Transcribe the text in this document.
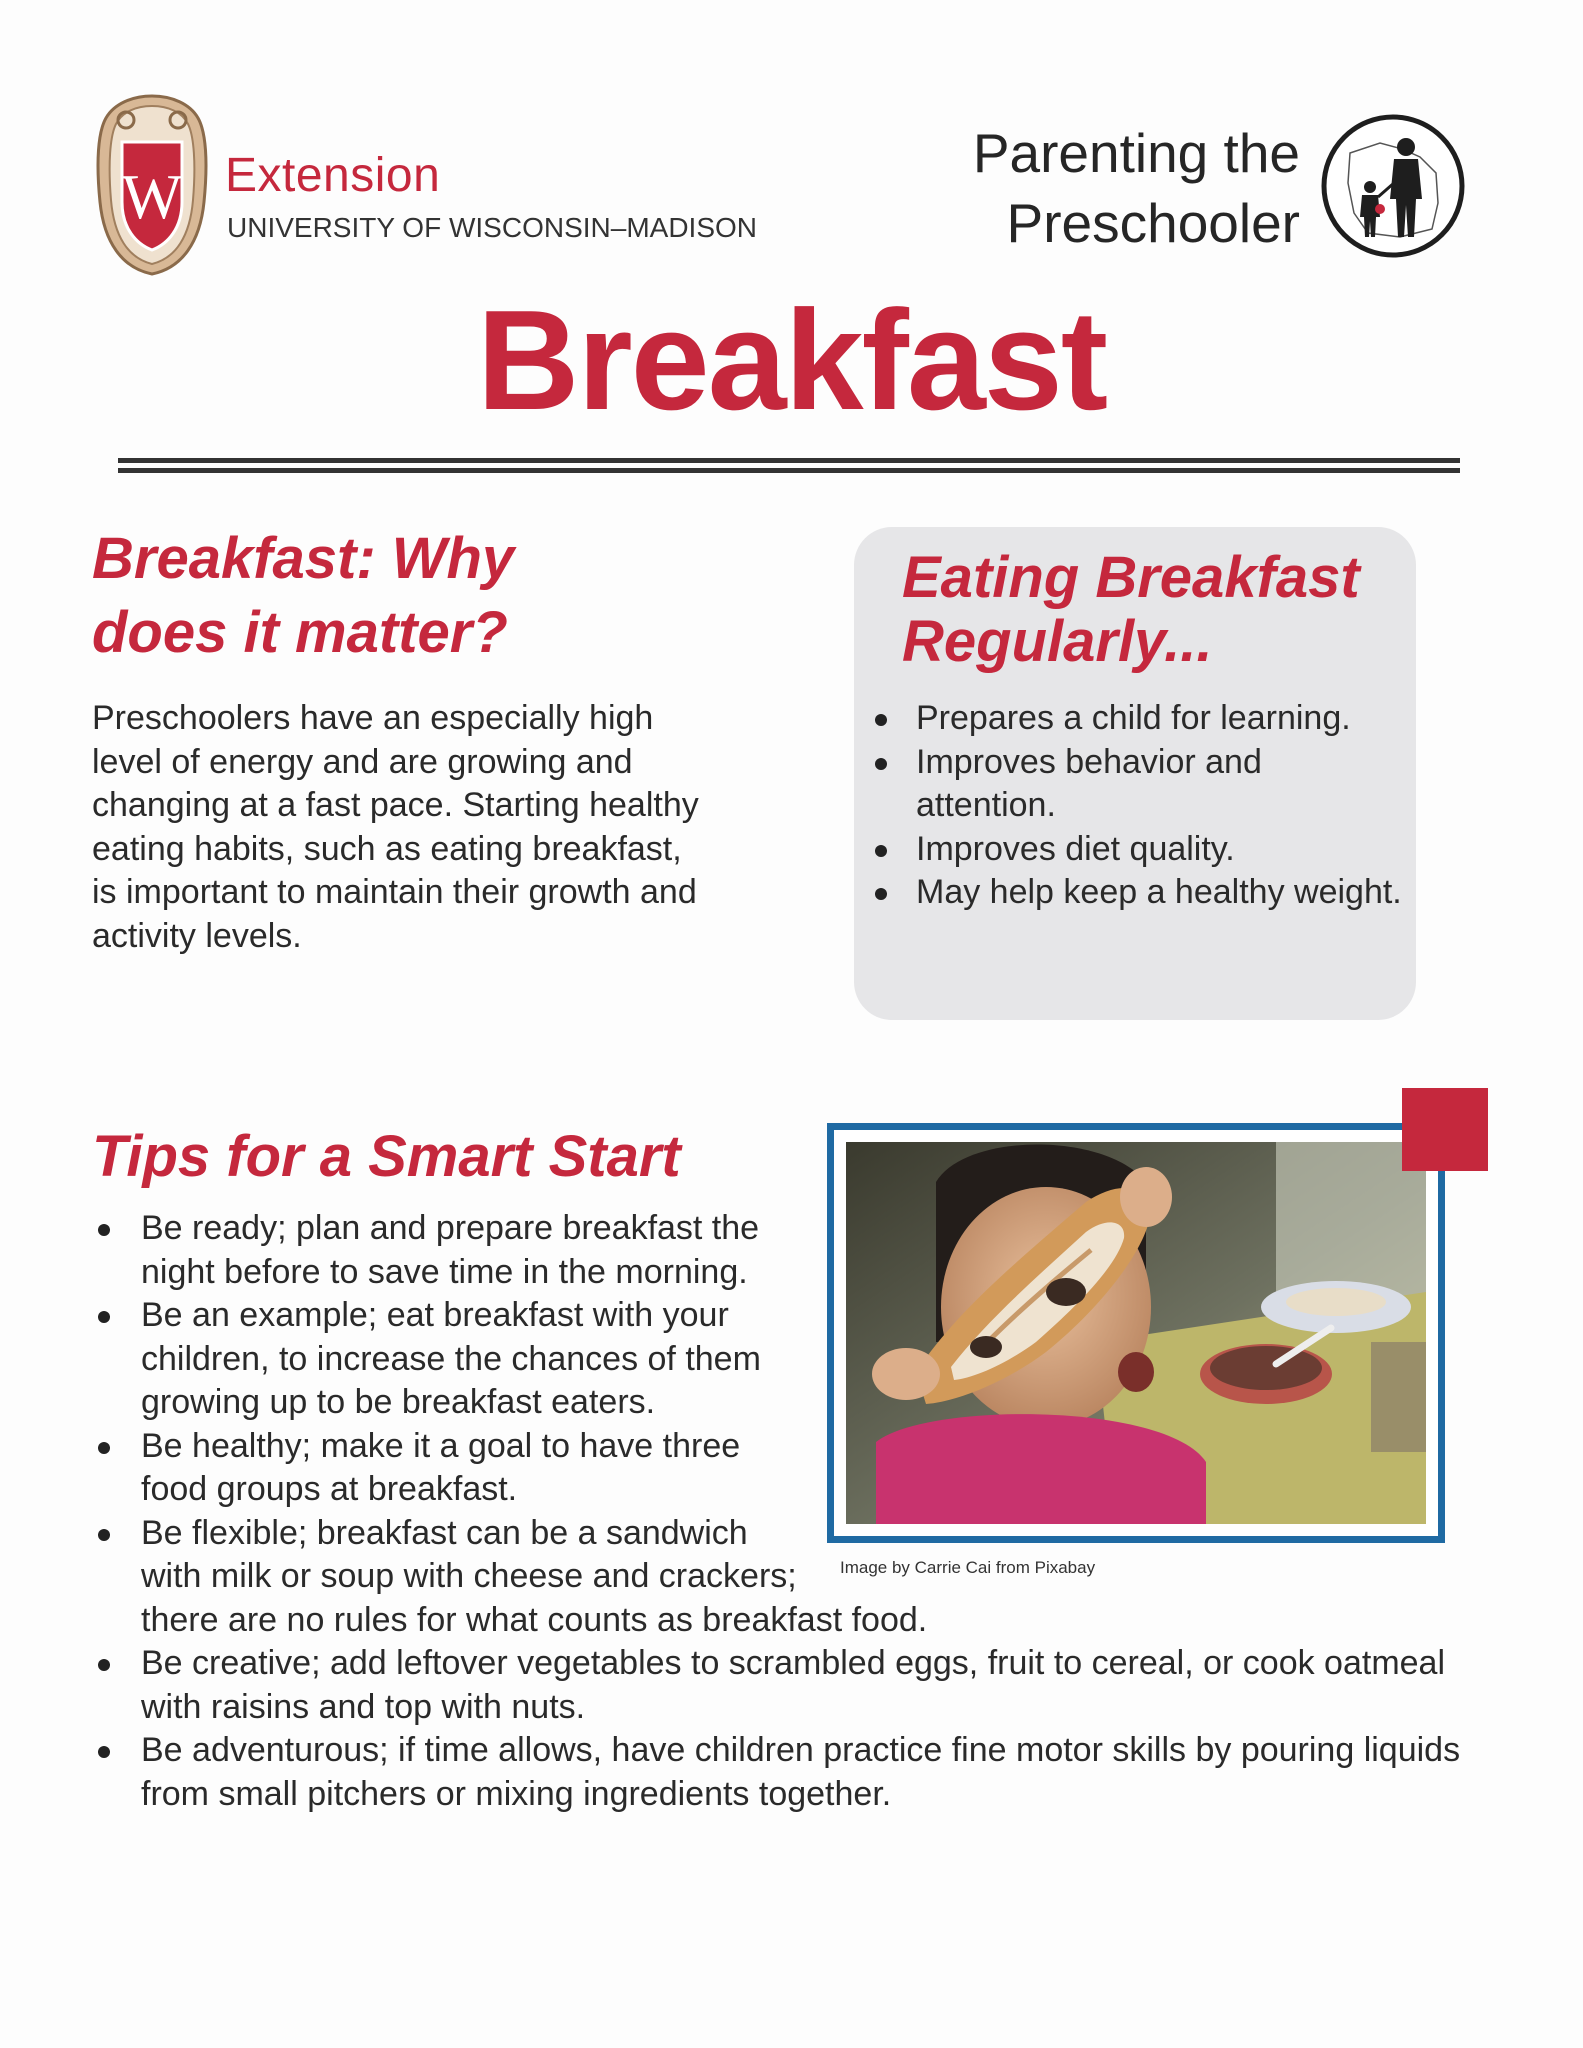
W Extension
UNIVERSITY OF WISCONSIN–MADISON
Parenting the
Preschooler
Breakfast
Breakfast: Why does it matter?
Preschoolers have an especially high level of energy and are growing and changing at a fast pace. Starting healthy eating habits, such as eating breakfast, is important to maintain their growth and activity levels.
Eating Breakfast Regularly...
Prepares a child for learning.
Improves behavior and attention.
Improves diet quality.
May help keep a healthy weight.
Tips for a Smart Start
Be ready; plan and prepare breakfast the night before to save time in the morning.
Be an example; eat breakfast with your children, to increase the chances of them growing up to be breakfast eaters.
Be healthy; make it a goal to have three food groups at breakfast.
Be flexible; breakfast can be a sandwich with milk or soup with cheese and crackers; there are no rules for what counts as breakfast food.
Be creative; add leftover vegetables to scrambled eggs, fruit to cereal, or cook oatmeal with raisins and top with nuts.
Be adventurous; if time allows, have children practice fine motor skills by pouring liquids from small pitchers or mixing ingredients together.
Image by Carrie Cai from Pixabay
